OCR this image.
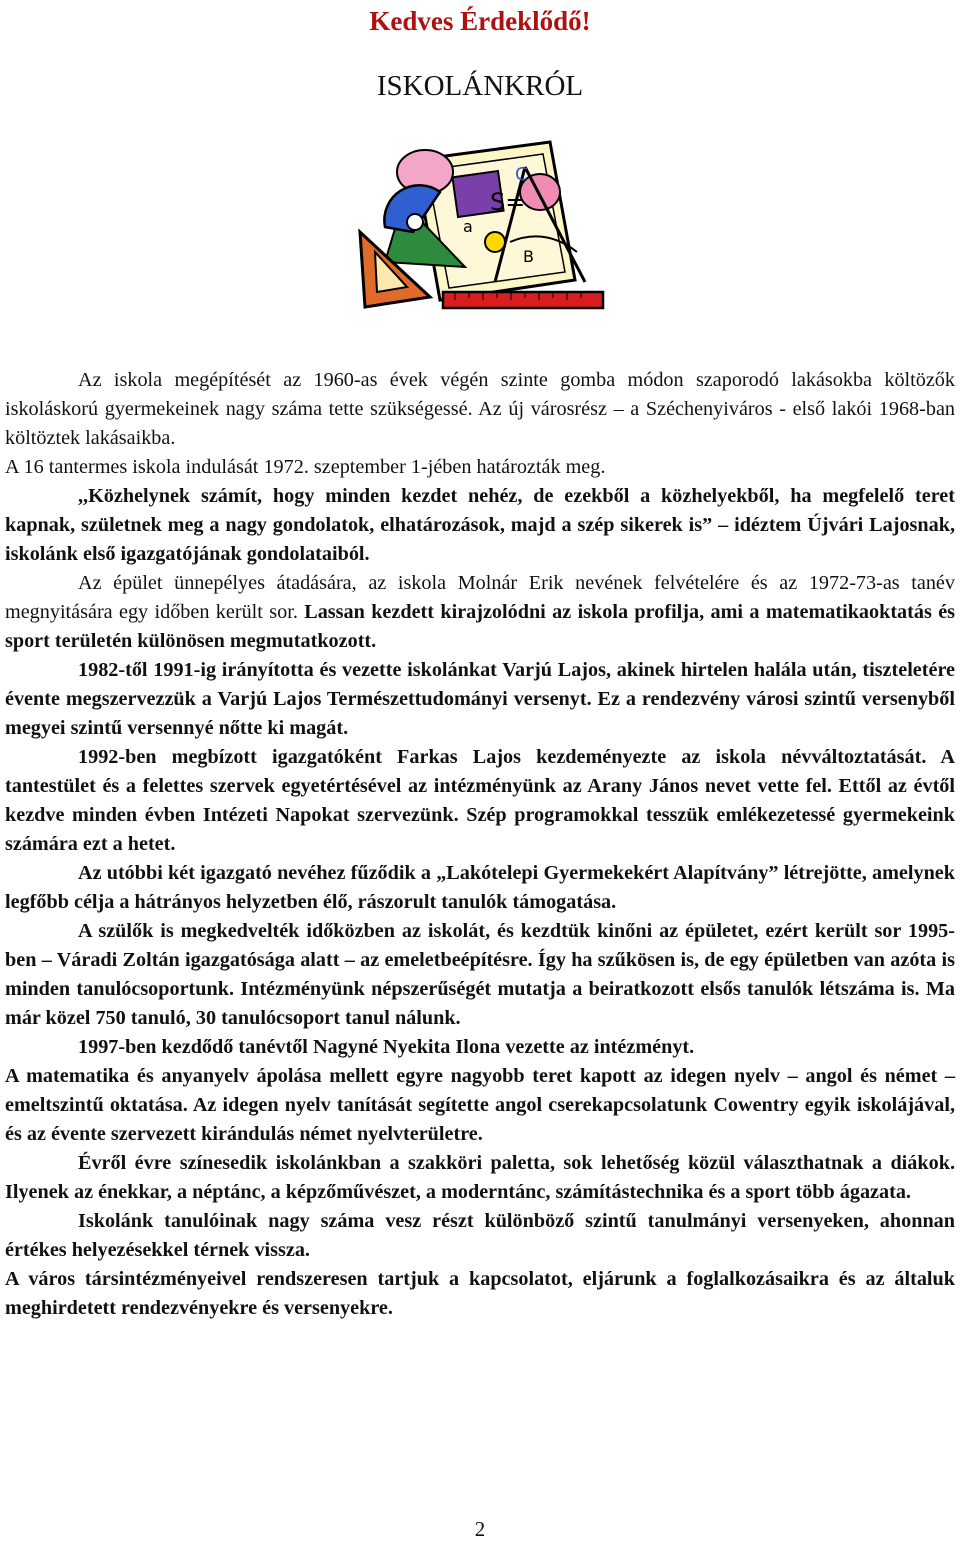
Kedves Érdeklődő!
ISKOLÁNKRÓL
S=
C
a
B

Az iskola megépítését az 1960-as évek végén szinte gomba módon szaporodó lakásokba költözők iskoláskorú gyermekeinek nagy száma tette szükségessé. Az új városrész – a Széchenyiváros - első lakói 1968-ban költöztek lakásaikba.

A 16 tantermes iskola indulását 1972. szeptember 1-jében határozták meg.

,,Közhelynek számít, hogy minden kezdet nehéz, de ezekből a közhelyekből, ha megfelelő teret kapnak, születnek meg a nagy gondolatok, elhatározások, majd a szép sikerek is” – idéztem Újvári Lajosnak, iskolánk első igazgatójának gondolataiból.

Az épület ünnepélyes átadására, az iskola Molnár Erik nevének felvételére és az 1972-73-as tanév megnyitására egy időben került sor. Lassan kezdett kirajzolódni az iskola profilja, ami a matematikaoktatás és sport területén különösen megmutatkozott.

1982-től 1991-ig irányította és vezette iskolánkat Varjú Lajos, akinek hirtelen halála után, tiszteletére évente megszervezzük a Varjú Lajos Természettudományi versenyt. Ez a rendezvény városi szintű versenyből megyei szintű versennyé nőtte ki magát.

1992-ben megbízott igazgatóként Farkas Lajos kezdeményezte az iskola névváltoztatását. A tantestület és a felettes szervek egyetértésével az intézményünk az Arany János nevet vette fel. Ettől az évtől kezdve minden évben Intézeti Napokat szervezünk. Szép programokkal tesszük emlékezetessé gyermekeink számára ezt a hetet.

Az utóbbi két igazgató nevéhez fűződik a „Lakótelepi Gyermekekért Alapítvány” létrejötte, amelynek legfőbb célja a hátrányos helyzetben élő, rászorult tanulók támogatása.

A szülők is megkedvelték időközben az iskolát, és kezdtük kinőni az épületet, ezért került sor 1995-ben – Váradi Zoltán igazgatósága alatt – az emeletbeépítésre. Így ha szűkösen is, de egy épületben van azóta is minden tanulócsoportunk. Intézményünk népszerűségét mutatja a beiratkozott elsős tanulók létszáma is. Ma már közel 750 tanuló, 30 tanulócsoport tanul nálunk.

1997-ben kezdődő tanévtől Nagyné Nyekita Ilona vezette az intézményt.

A matematika és anyanyelv ápolása mellett egyre nagyobb teret kapott az idegen nyelv – angol és német – emeltszintű oktatása. Az idegen nyelv tanítását segítette angol cserekapcsolatunk Cowentry egyik iskolájával, és az évente szervezett kirándulás német nyelvterületre.

Évről évre színesedik iskolánkban a szakköri paletta, sok lehetőség közül választhatnak a diákok. Ilyenek az énekkar, a néptánc, a képzőművészet, a moderntánc, számítástechnika és a sport több ágazata.

Iskolánk tanulóinak nagy száma vesz részt különböző szintű tanulmányi versenyeken, ahonnan értékes helyezésekkel térnek vissza.

A város társintézményeivel rendszeresen tartjuk a kapcsolatot, eljárunk a foglalkozásaikra és az általuk meghirdetett rendezvényekre és versenyekre.

2
